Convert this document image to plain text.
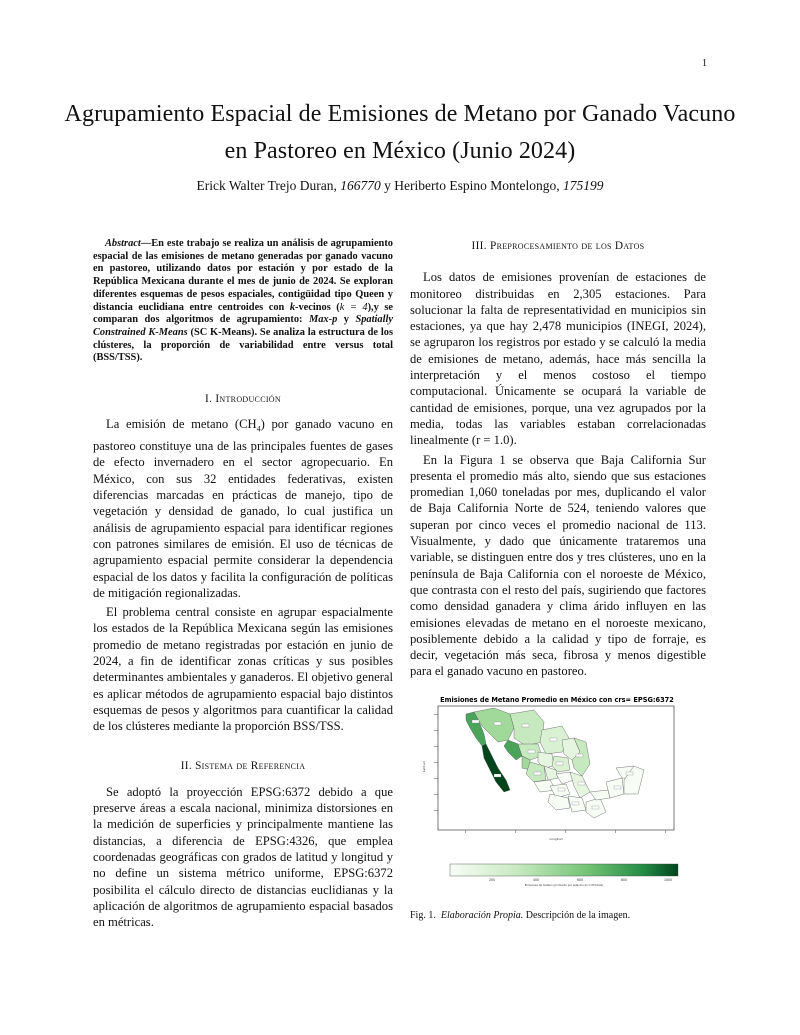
1
Agrupamiento Espacial de Emisiones de Metano por Ganado Vacuno en Pastoreo en México (Junio 2024)
Erick Walter Trejo Duran, 166770 y Heriberto Espino Montelongo, 175199
Abstract—En este trabajo se realiza un análisis de agrupamiento espacial de las emisiones de metano generadas por ganado vacuno en pastoreo, utilizando datos por estación y por estado de la República Mexicana durante el mes de junio de 2024. Se exploran diferentes esquemas de pesos espaciales, contigüidad tipo Queen y distancia euclidiana entre centroides con k-vecinos (k = 4),y se comparan dos algoritmos de agrupamiento: Max-p y Spatially Constrained K-Means (SC K-Means). Se analiza la estructura de los clústeres, la proporción de variabilidad entre versus total (BSS/TSS).
I. Introducción

La emisión de metano $(CH_4)$ por ganado vacuno en pastoreo constituye una de las principales fuentes de gases de efecto invernadero en el sector agropecuario. En México, con sus 32 entidades federativas, existen diferencias marcadas en prácticas de manejo, tipo de vegetación y densidad de ganado, lo cual justifica un análisis de agrupamiento espacial para identificar regiones con patrones similares de emisión. El uso de técnicas de agrupamiento espacial permite considerar la dependencia espacial de los datos y facilita la configuración de políticas de mitigación regionalizadas.

El problema central consiste en agrupar espacialmente los estados de la República Mexicana según las emisiones promedio de metano registradas por estación en junio de 2024, a fin de identificar zonas críticas y sus posibles determinantes ambientales y ganaderos. El objetivo general es aplicar métodos de agrupamiento espacial bajo distintos esquemas de pesos y algoritmos para cuantificar la calidad de los clústeres mediante la proporción BSS/TSS.

II. Sistema de Referencia

Se adoptó la proyección EPSG:6372 debido a que preserve áreas a escala nacional, minimiza distorsiones en la medición de superficies y principalmente mantiene las distancias, a diferencia de EPSG:4326, que emplea coordenadas geográficas con grados de latitud y longitud y no define un sistema métrico uniforme, EPSG:6372 posibilita el cálculo directo de distancias euclidianas y la aplicación de algoritmos de agrupamiento espacial basados en métricas.

III. Preprocesamiento de los Datos

Los datos de emisiones provenían de estaciones de monitoreo distribuidas en 2,305 estaciones. Para solucionar la falta de representatividad en municipios sin estaciones, ya que hay 2,478 municipios (INEGI, 2024), se agruparon los registros por estado y se calculó la media de emisiones de metano, además, hace más sencilla la interpretación y el menos costoso el tiempo computacional. Únicamente se ocupará la variable de cantidad de emisiones, porque, una vez agrupados por la media, todas las variables estaban correlacionadas linealmente (r = 1.0).

En la Figura 1 se observa que Baja California Sur presenta el promedio más alto, siendo que sus estaciones promedian 1,060 toneladas por mes, duplicando el valor de Baja California Norte de 524, teniendo valores que superan por cinco veces el promedio nacional de 113. Visualmente, y dado que únicamente trataremos una variable, se distinguen entre dos y tres clústeres, uno en la península de Baja California con el noroeste de México, que contrasta con el resto del país, sugiriendo que factores como densidad ganadera y clima árido influyen en las emisiones elevadas de metano en el noroeste mexicano, posiblemente debido a la calidad y tipo de forraje, es decir, vegetación más seca, fibrosa y menos digestible para el ganado vacuno en pastoreo.

Emisiones de Metano Promedio en México con crs= EPSG:6372
Latitud
Longitud
200	400	600	800	1000
Emisiones de metano (promedio por estación en t CH4/mes)
Fig. 1. Elaboración Propia. Descripción de la imagen.
